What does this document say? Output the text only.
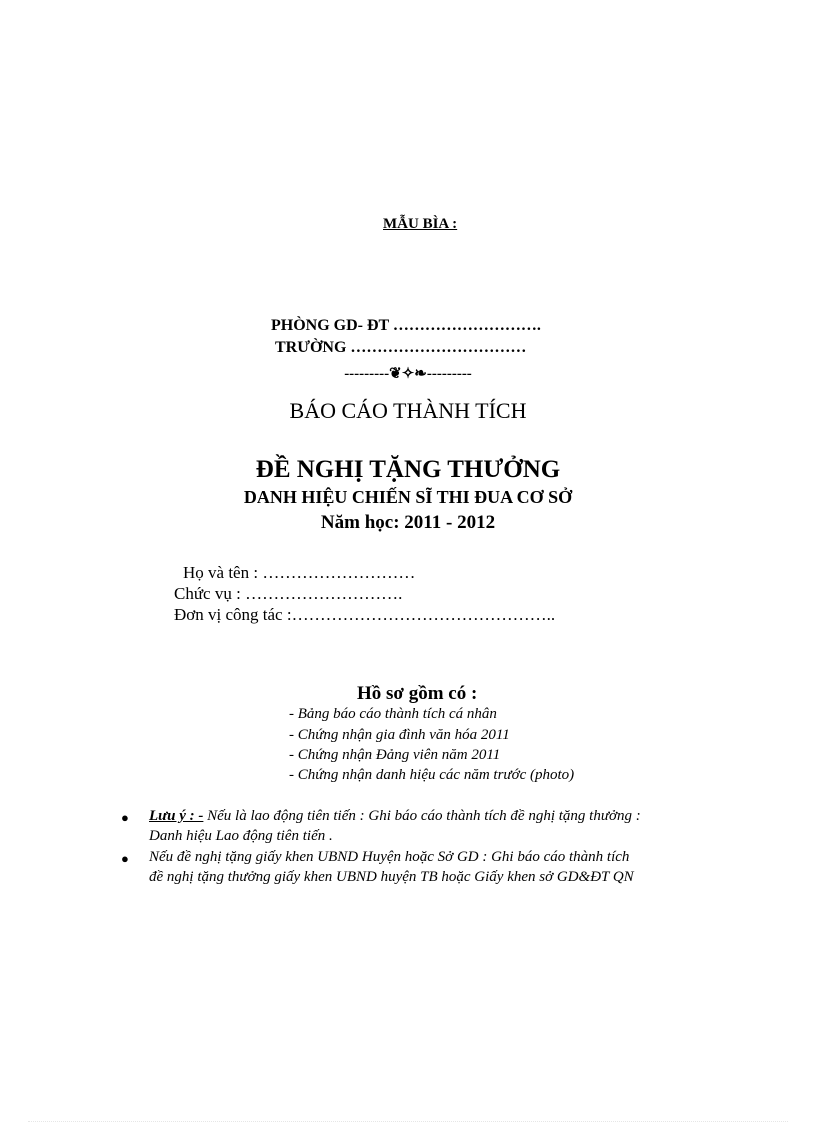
MẪU BÌA :
PHÒNG GD- ĐT ……………………….
TRƯỜNG ……………………………
---------❦✧❧---------
BÁO CÁO THÀNH TÍCH
ĐỀ NGHỊ TẶNG THƯỞNG
DANH HIỆU CHIẾN SĨ THI ĐUA CƠ SỞ
Năm học: 2011 - 2012
Họ và tên : ………………………
Chức vụ : ……………………….
Đơn vị công tác :………………………………………..
Hồ sơ gồm có :
- Bảng báo cáo thành tích cá nhân
- Chứng nhận gia đình văn hóa 2011
- Chứng nhận Đảng viên năm 2011
- Chứng nhận danh hiệu các năm trước (photo)
● Lưu ý : - Nếu là lao động tiên tiến : Ghi báo cáo thành tích đề nghị tặng thưởng :
Danh hiệu Lao động tiên tiến .
● Nếu đề nghị tặng giấy khen UBND Huyện hoặc Sở GD : Ghi báo cáo thành tích
đề nghị tặng thưởng giấy khen UBND huyện TB hoặc Giấy khen sở GD&ĐT QN
